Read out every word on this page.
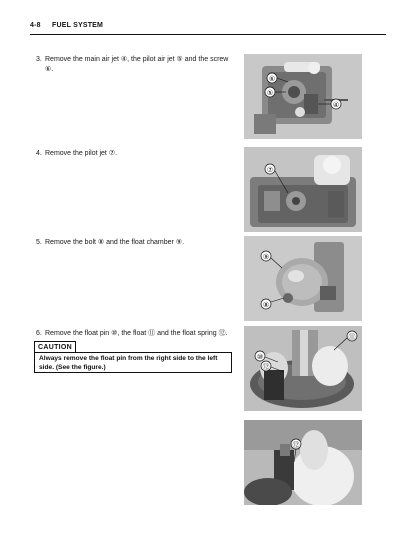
4-8 FUEL SYSTEM
3. Remove the main air jet ④, the pilot air jet ⑤ and the screw ⑥.
4. Remove the pilot jet ⑦.
5. Remove the bolt ⑧ and the float chamber ⑨.
6. Remove the float pin ⑩, the float ⑪ and the float spring ⑫.
CAUTION
Always remove the float pin from the right side to the left side. (See the figure.)
⑥
⑤
④
⑦
⑨
⑧
⑪
⑩
⑫
⑫
